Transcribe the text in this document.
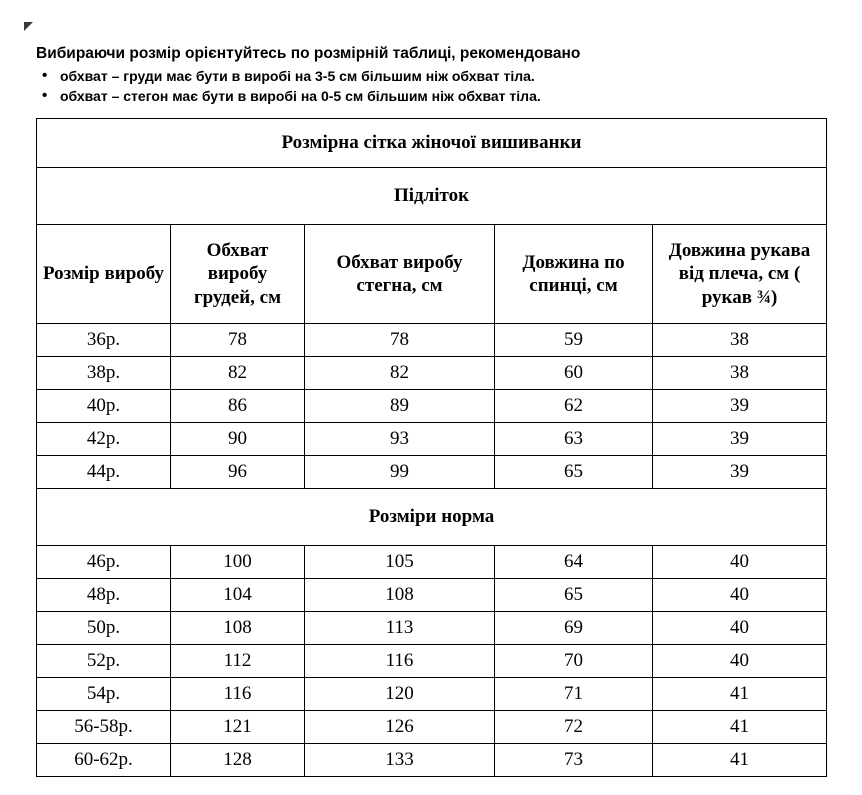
Вибираючи розмір орієнтуйтесь по розмірній таблиці, рекомендовано

• обхват – груди має бути в виробі на 3-5 см більшим ніж обхват тіла.
• обхват – стегон має бути в виробі на 0-5 см більшим ніж обхват тіла.
Розмірна сітка жіночої вишиванки				
Підліток				
Розмір виробу	Обхват виробу грудей, см	Обхват виробу стегна, см	Довжина по спинці, см	Довжина рукава від плеча, см ( рукав ¾)
36р.	78	78	59	38
38р.	82	82	60	38
40р.	86	89	62	39
42р.	90	93	63	39
44р.	96	99	65	39
Розміри норма				
46р.	100	105	64	40
48р.	104	108	65	40
50р.	108	113	69	40
52р.	112	116	70	40
54р.	116	120	71	41
56-58р.	121	126	72	41
60-62р.	128	133	73	41
